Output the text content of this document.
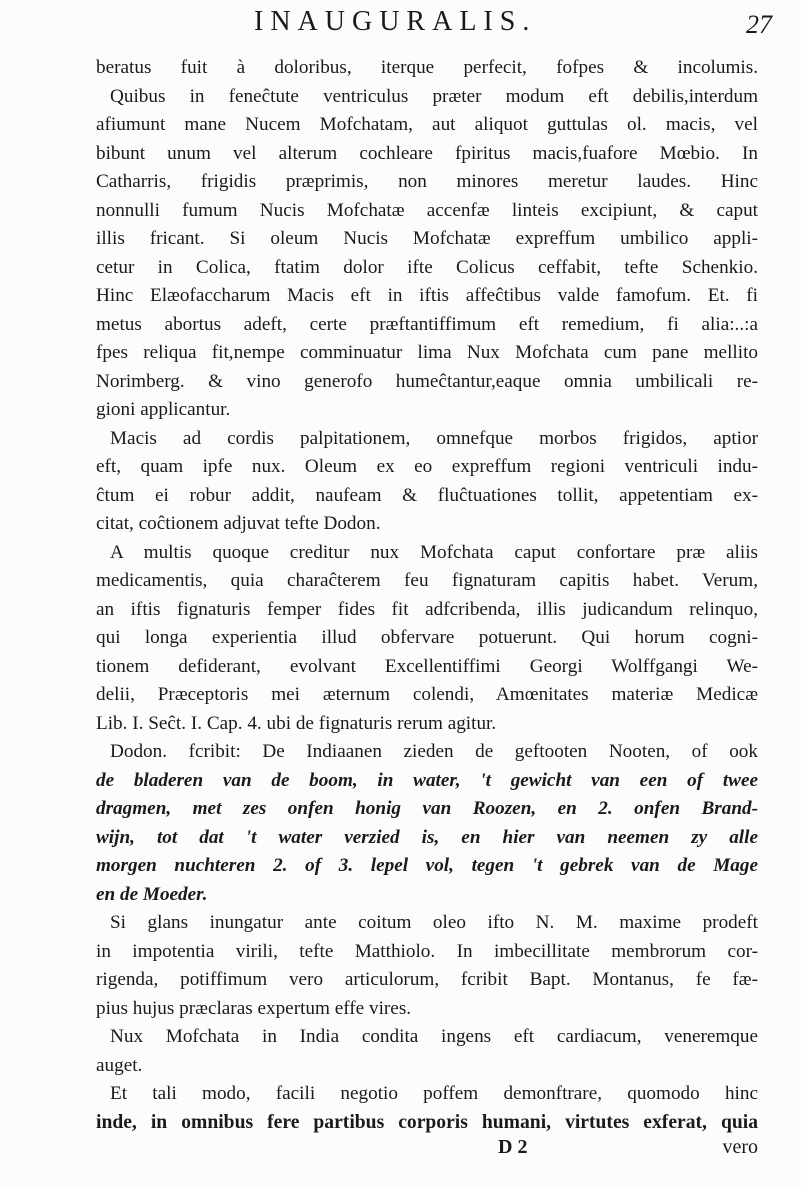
INAUGURALIS.	27
beratus fuit à doloribus, iterque perfecit, fofpes & incolumis.
Quibus in feneĉtute ventriculus præter modum eft debilis,interdum
afiumunt mane Nucem Mofchatam, aut aliquot guttulas ol. macis, vel
bibunt unum vel alterum cochleare fpiritus macis,fuafore Mœbio. In
Catharris, frigidis præprimis, non minores meretur laudes. Hinc
nonnulli fumum Nucis Mofchatæ accenfæ linteis excipiunt, & caput
illis fricant. Si oleum Nucis Mofchatæ expreffum umbilico appli-
cetur in Colica, ftatim dolor ifte Colicus ceffabit, tefte Schenkio.
Hinc Elæofaccharum Macis eft in iftis affeĉtibus valde famofum. Et. fi
metus abortus adeft, certe præftantiffimum eft remedium, fi alia:..:a
fpes reliqua fit,nempe comminuatur lima Nux Mofchata cum pane mellito
Norimberg. & vino generofo humeĉtantur,eaque omnia umbilicali re-
gioni applicantur.
Macis ad cordis palpitationem, omnefque morbos frigidos, aptior
eft, quam ipfe nux. Oleum ex eo expreffum regioni ventriculi indu-
ĉtum ei robur addit, naufeam & fluĉtuationes tollit, appetentiam ex-
citat, coĉtionem adjuvat tefte Dodon.
A multis quoque creditur nux Mofchata caput confortare præ aliis
medicamentis, quia charaĉterem feu fignaturam capitis habet. Verum,
an iftis fignaturis femper fides fit adfcribenda, illis judicandum relinquo,
qui longa experientia illud obfervare potuerunt. Qui horum cogni-
tionem defiderant, evolvant Excellentiffimi Georgi Wolffgangi We-
delii, Præceptoris mei æternum colendi, Amœnitates materiæ Medicæ
Lib. I. Seĉt. I. Cap. 4. ubi de fignaturis rerum agitur.
Dodon. fcribit: De Indiaanen zieden de geftooten Nooten, of ook
de bladeren van de boom, in water, 't gewicht van een of twee
dragmen, met zes onfen honig van Roozen, en 2. onfen Brand-
wijn, tot dat 't water verzied is, en hier van neemen zy alle
morgen nuchteren 2. of 3. lepel vol, tegen 't gebrek van de Mage
en de Moeder.
Si glans inungatur ante coitum oleo ifto N. M. maxime prodeft
in impotentia virili, tefte Matthiolo. In imbecillitate membrorum cor-
rigenda, potiffimum vero articulorum, fcribit Bapt. Montanus, fe fæ-
pius hujus præclaras expertum effe vires.
Nux Mofchata in India condita ingens eft cardiacum, veneremque
auget.
Et tali modo, facili negotio poffem demonftrare, quomodo hinc
inde, in omnibus fere partibus corporis humani, virtutes exferat, quia
D 2	vero
